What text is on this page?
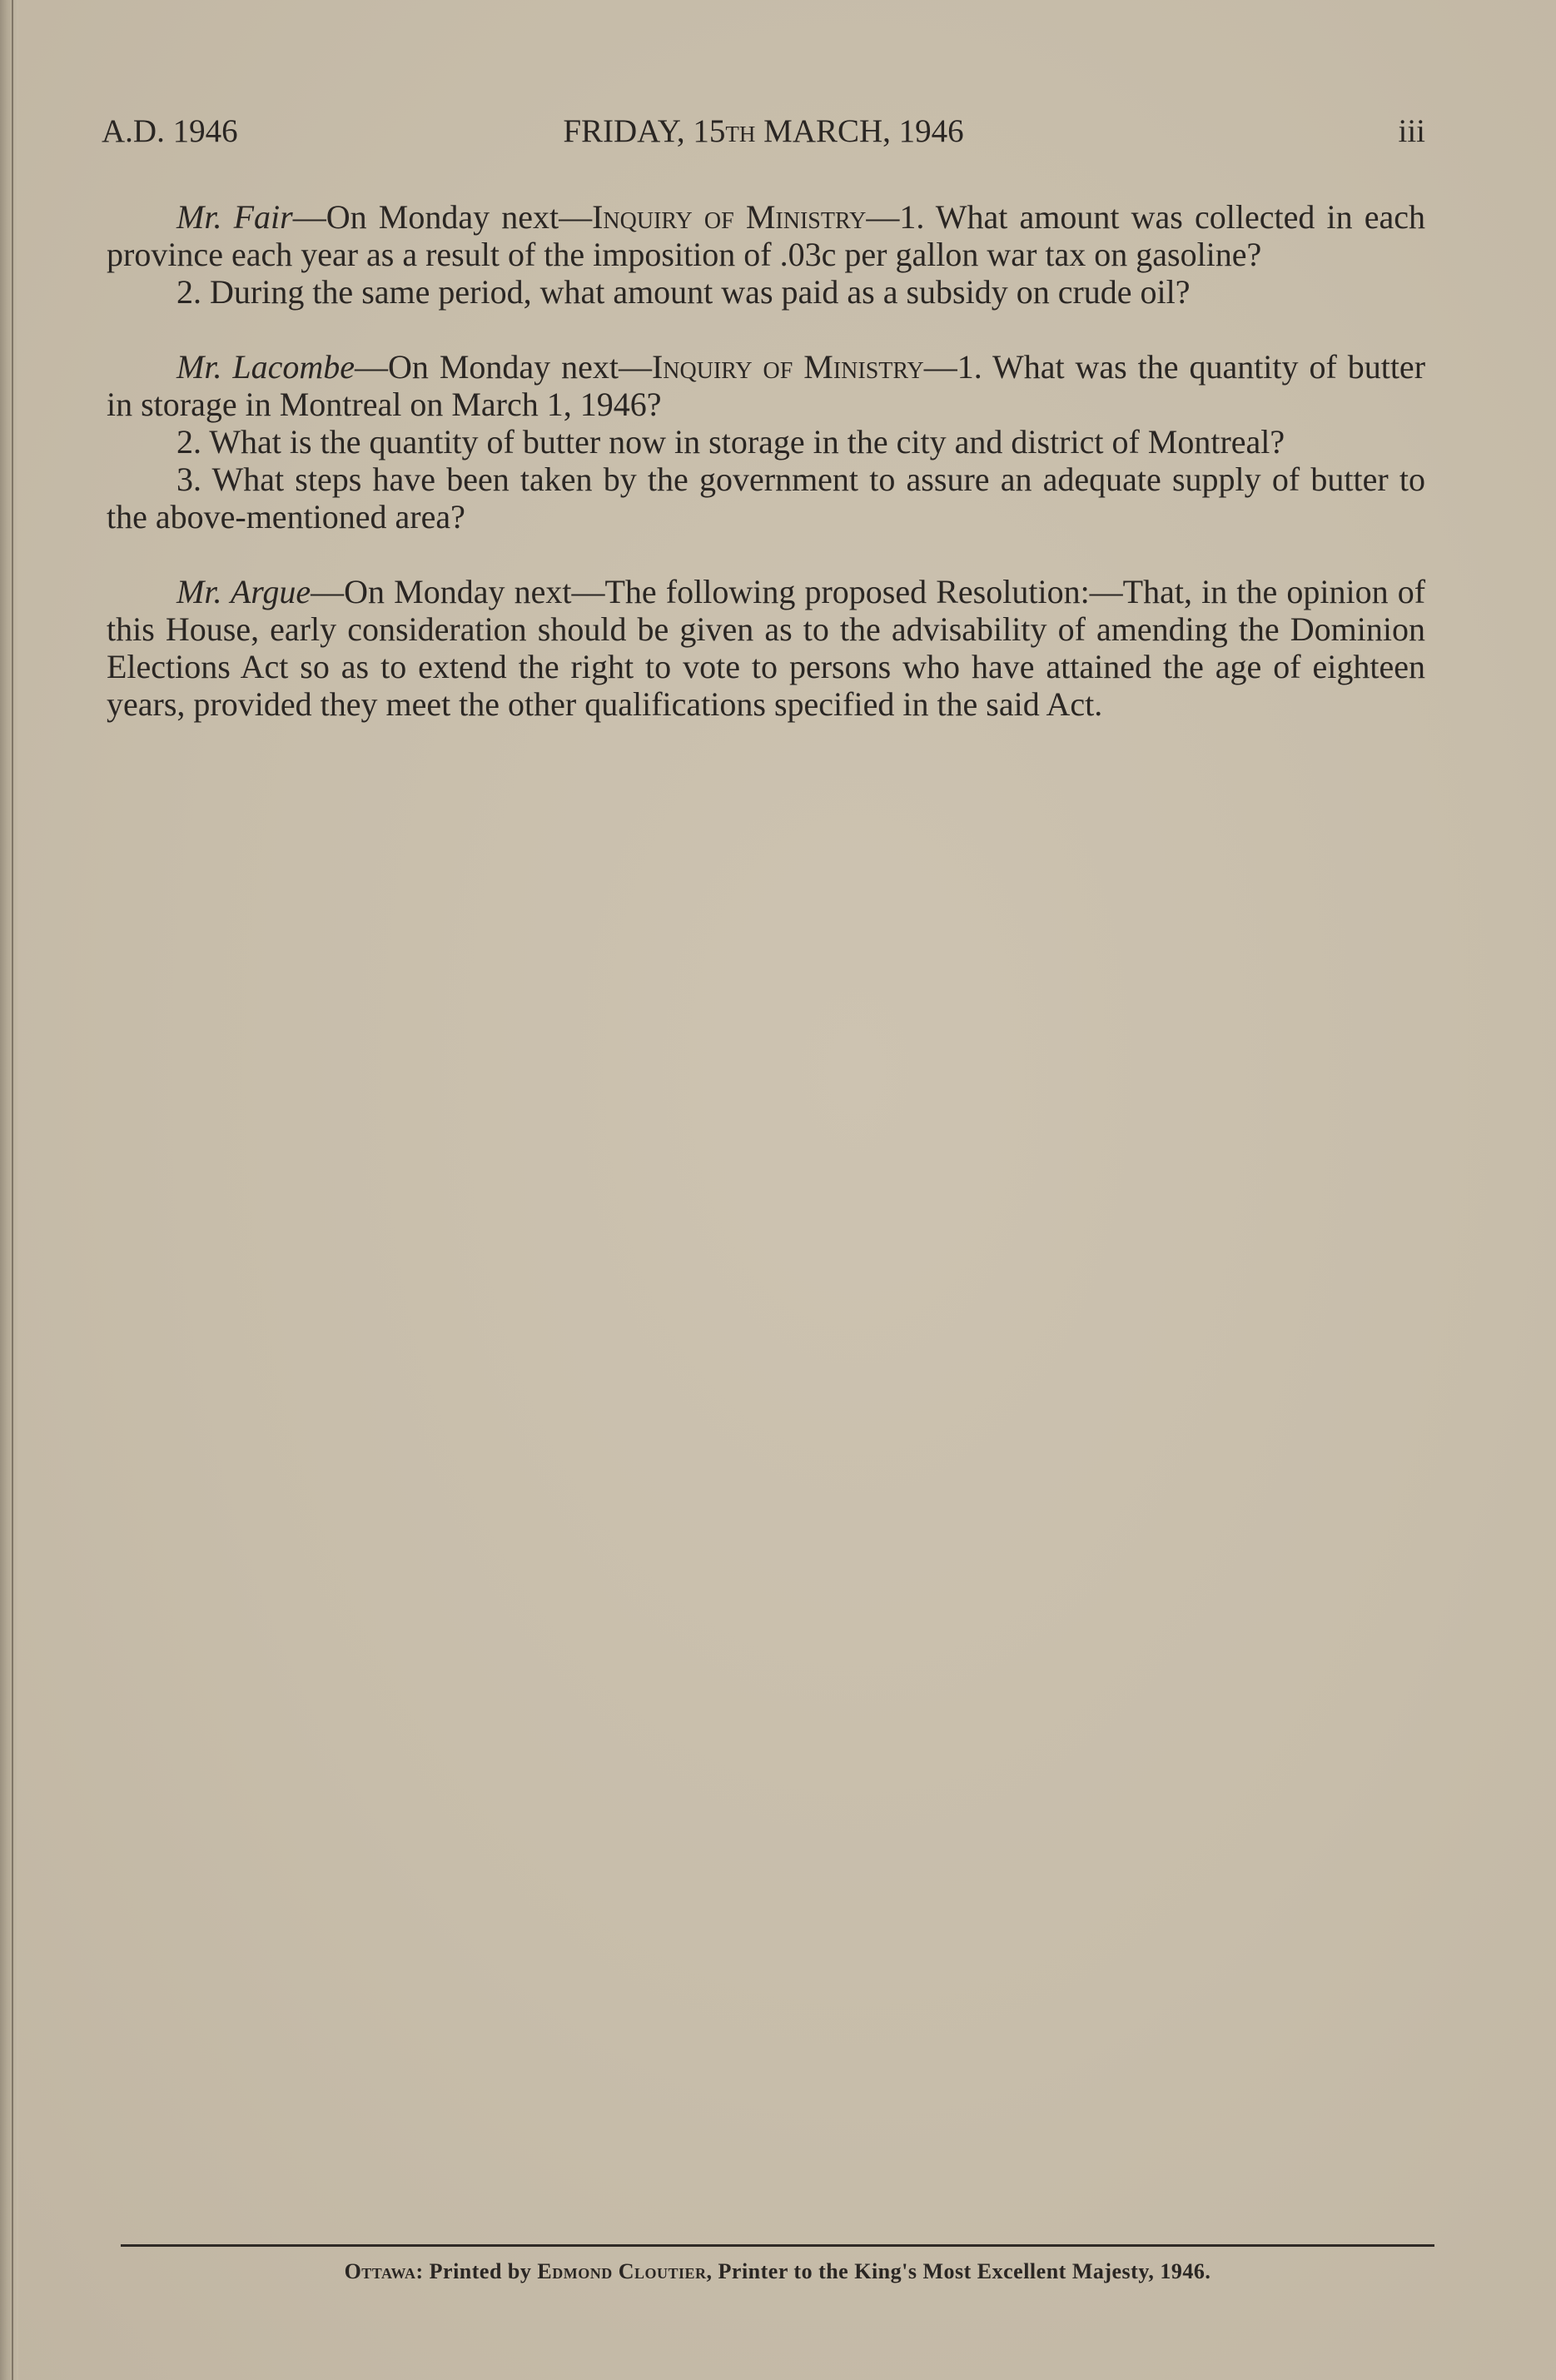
A.D. 1946	FRIDAY, 15th MARCH, 1946	iii

Mr. Fair—On Monday next—Inquiry of Ministry—1. What amount was collected in each province each year as a result of the imposition of .03c per gallon war tax on gasoline?

2. During the same period, what amount was paid as a subsidy on crude oil?

Mr. Lacombe—On Monday next—Inquiry of Ministry—1. What was the quantity of butter in storage in Montreal on March 1, 1946?

2. What is the quantity of butter now in storage in the city and district of Montreal?

3. What steps have been taken by the government to assure an adequate supply of butter to the above-mentioned area?

Mr. Argue—On Monday next—The following proposed Resolution:—That, in the opinion of this House, early consideration should be given as to the advisability of amending the Dominion Elections Act so as to extend the right to vote to persons who have attained the age of eighteen years, provided they meet the other qualifications specified in the said Act.

Ottawa: Printed by Edmond Cloutier, Printer to the King's Most Excellent Majesty, 1946.
